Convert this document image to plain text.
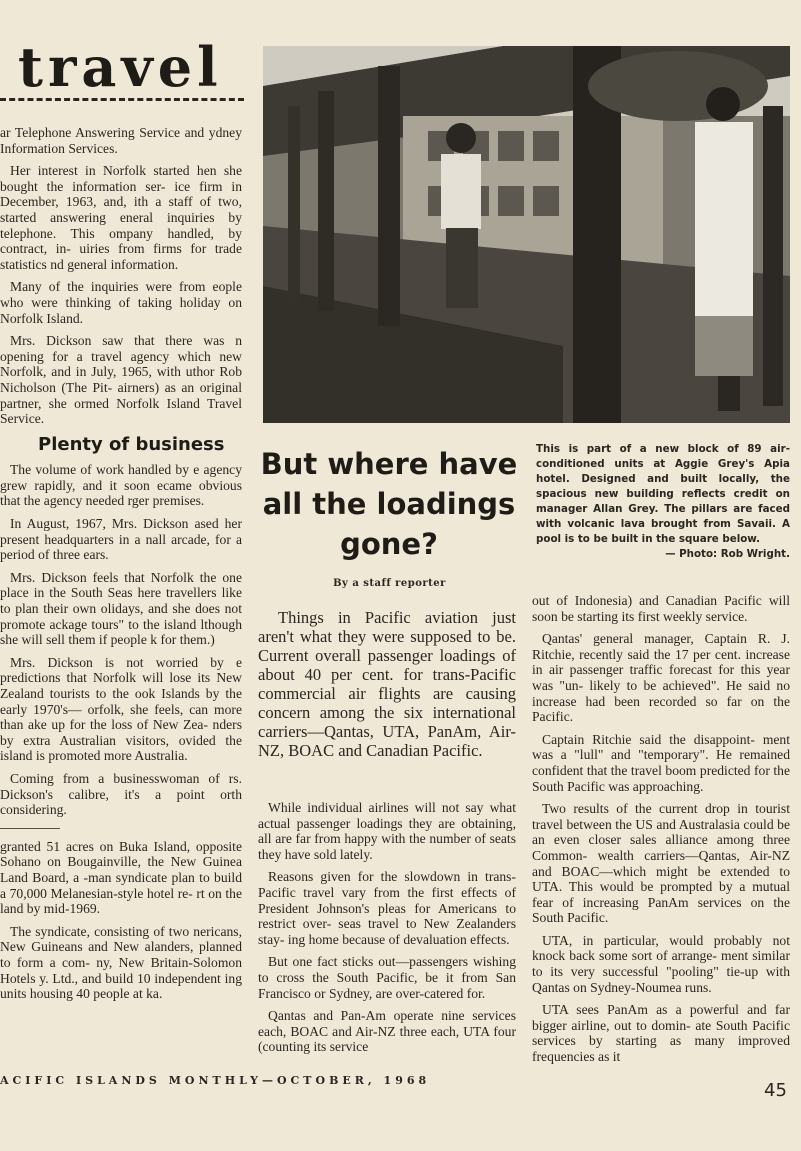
travel

ar Telephone Answering Service and ydney Information Services.

Her interest in Norfolk started hen she bought the information ser- ice firm in December, 1963, and, ith a staff of two, started answering eneral inquiries by telephone. This ompany handled, by contract, in- uiries from firms for trade statistics nd general information.

Many of the inquiries were from eople who were thinking of taking holiday on Norfolk Island.

Mrs. Dickson saw that there was n opening for a travel agency which new Norfolk, and in July, 1965, with uthor Rob Nicholson (The Pit- airners) as an original partner, she ormed Norfolk Island Travel Service.

Plenty of business

The volume of work handled by e agency grew rapidly, and it soon ecame obvious that the agency needed rger premises.

In August, 1967, Mrs. Dickson ased her present headquarters in a nall arcade, for a period of three ears.

Mrs. Dickson feels that Norfolk the one place in the South Seas here travellers like to plan their own olidays, and she does not promote ackage tours" to the island lthough she will sell them if people k for them.)

Mrs. Dickson is not worried by e predictions that Norfolk will lose its New Zealand tourists to the ook Islands by the early 1970's— orfolk, she feels, can more than ake up for the loss of New Zea- nders by extra Australian visitors, ovided the island is promoted more Australia.

Coming from a businesswoman of rs. Dickson's calibre, it's a point orth considering.

granted 51 acres on Buka Island, opposite Sohano on Bougainville, the New Guinea Land Board, a -man syndicate plan to build a 70,000 Melanesian-style hotel re- rt on the land by mid-1969.

The syndicate, consisting of two nericans, New Guineans and New alanders, planned to form a com- ny, New Britain-Solomon Hotels y. Ltd., and build 10 independent ing units housing 40 people at ka.

But where have all the loadings gone?
By a staff reporter
This is part of a new block of 89 air-conditioned units at Aggie Grey's Apia hotel. Designed and built locally, the spacious new building reflects credit on manager Allan Grey. The pillars are faced with volcanic lava brought from Savaii. A pool is to be built in the square below.
— Photo: Rob Wright.

Things in Pacific aviation just aren't what they were supposed to be. Current overall passenger loadings of about 40 per cent. for trans-Pacific commercial air flights are causing concern among the six international carriers—Qantas, UTA, PanAm, Air-NZ, BOAC and Canadian Pacific.

While individual airlines will not say what actual passenger loadings they are obtaining, all are far from happy with the number of seats they have sold lately.

Reasons given for the slowdown in trans-Pacific travel vary from the first effects of President Johnson's pleas for Americans to restrict over- seas travel to New Zealanders stay- ing home because of devaluation effects.

But one fact sticks out—passengers wishing to cross the South Pacific, be it from San Francisco or Sydney, are over-catered for.

Qantas and Pan-Am operate nine services each, BOAC and Air-NZ three each, UTA four (counting its service

out of Indonesia) and Canadian Pacific will soon be starting its first weekly service.

Qantas' general manager, Captain R. J. Ritchie, recently said the 17 per cent. increase in air passenger traffic forecast for this year was "un- likely to be achieved". He said no increase had been recorded so far on the Pacific.

Captain Ritchie said the disappoint- ment was a "lull" and "temporary". He remained confident that the travel boom predicted for the South Pacific was approaching.

Two results of the current drop in tourist travel between the US and Australasia could be an even closer sales alliance among three Common- wealth carriers—Qantas, Air-NZ and BOAC—which might be extended to UTA. This would be prompted by a mutual fear of increasing PanAm services on the South Pacific.

UTA, in particular, would probably not knock back some sort of arrange- ment similar to its very successful "pooling" tie-up with Qantas on Sydney-Noumea runs.

UTA sees PanAm as a powerful and far bigger airline, out to domin- ate South Pacific services by starting as many improved frequencies as it

ACIFIC ISLANDS MONTHLY—OCTOBER, 1968	45
